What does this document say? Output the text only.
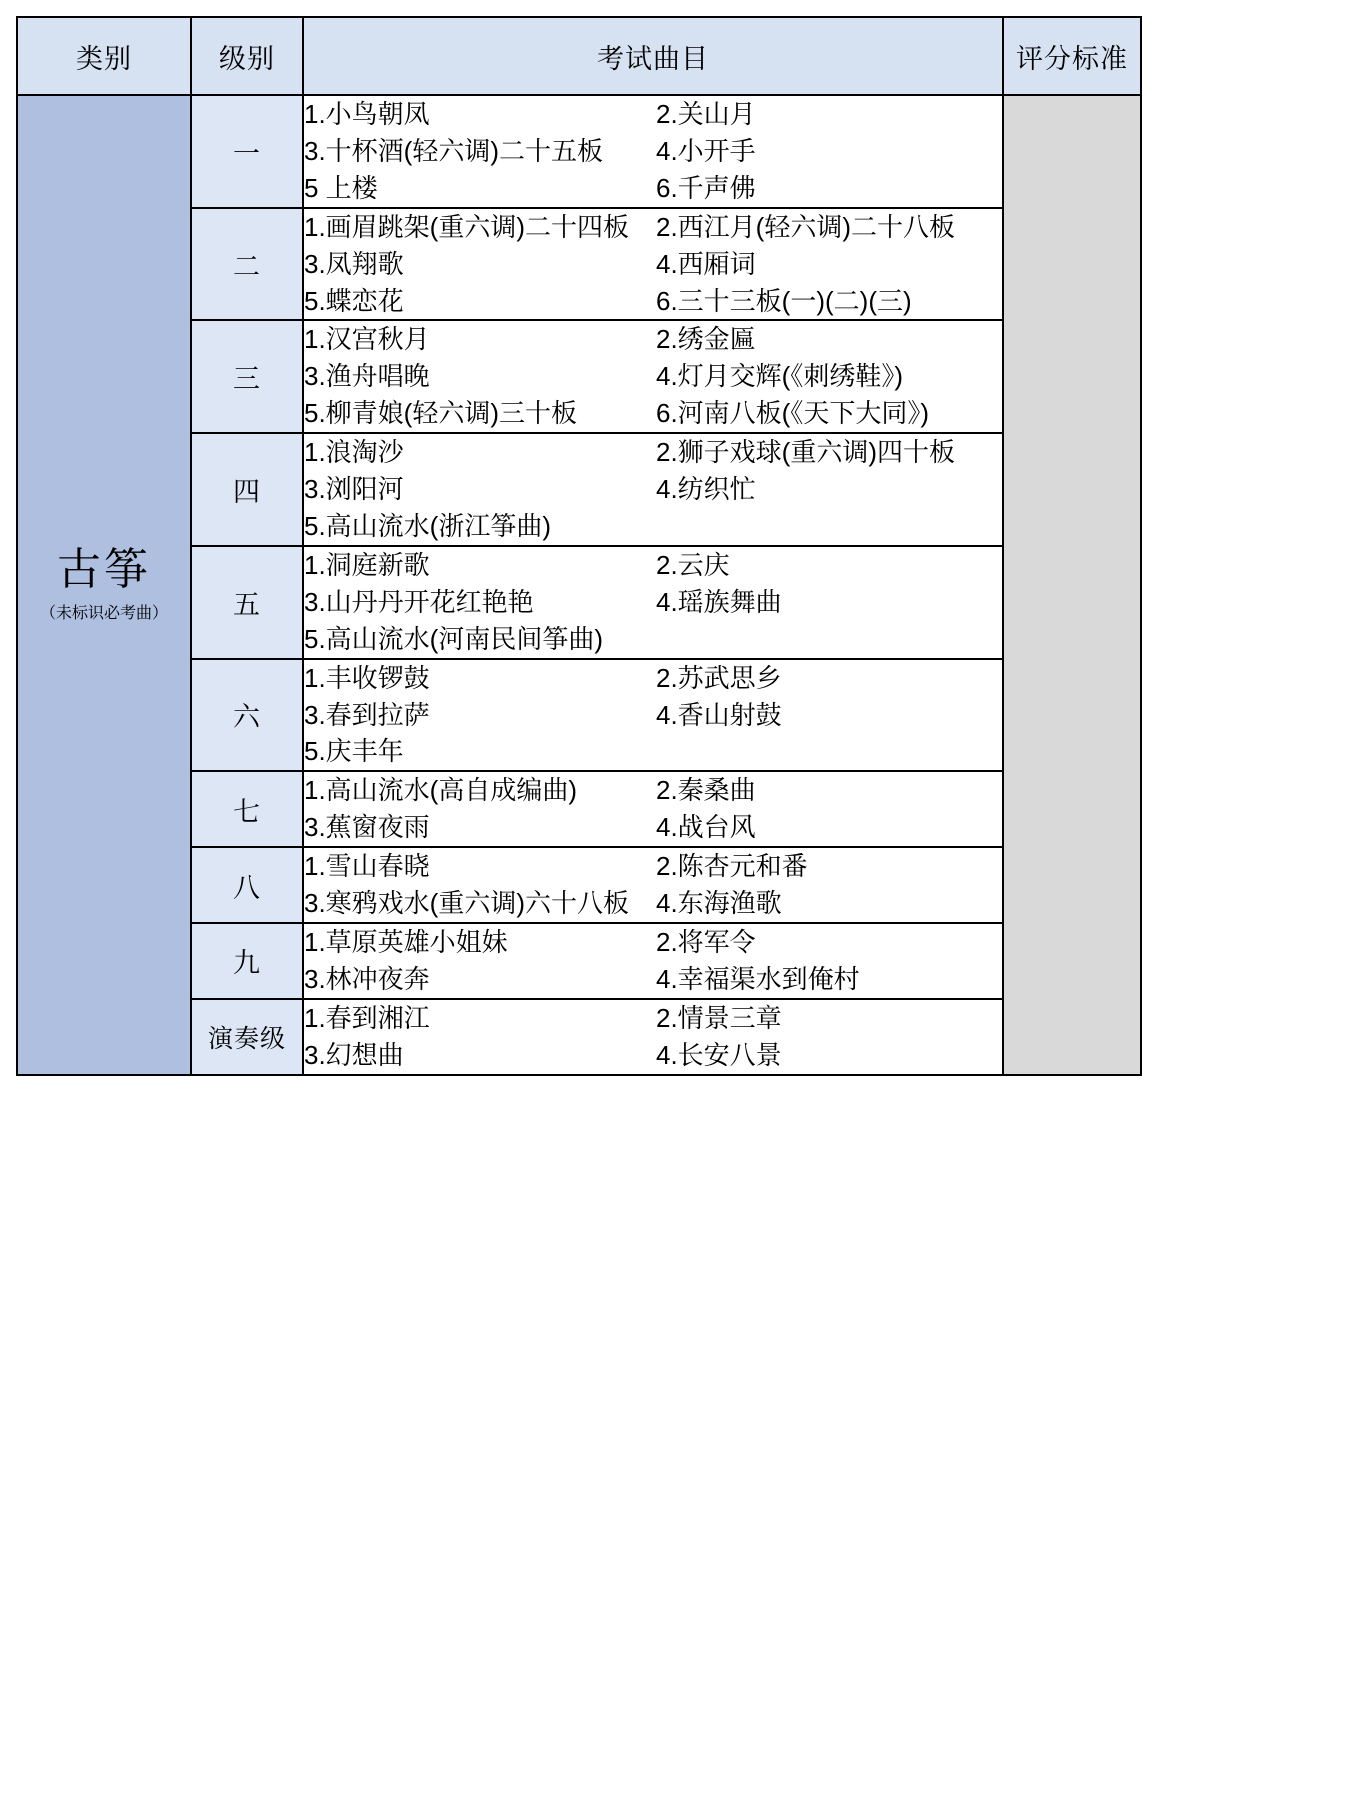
类别	级别	考试曲目	评分标准

古筝
（未标识必考曲）
	一	
1.小鸟朝凤	2.关山月
3.十杯酒(轻六调)二十五板	4.小开手
5 上楼	6.千声佛

二	
1.画眉跳架(重六调)二十四板	2.西江月(轻六调)二十八板
3.凤翔歌	4.西厢词
5.蝶恋花	6.三十三板(一)(二)(三)

三	
1.汉宫秋月	2.绣金匾
3.渔舟唱晚	4.灯月交辉(《刺绣鞋》)
5.柳青娘(轻六调)三十板	6.河南八板(《天下大同》)

	四	1.浪淘沙 2.狮子戏球(重六调)四十板
3.浏阳河 4.纺织忙
5.高山流水(浙江筝曲)	

	五	1.洞庭新歌 2.云庆
3.山丹丹开花红艳艳 4.瑶族舞曲
5.高山流水(河南民间筝曲)	

	六	1.丰收锣鼓 2.苏武思乡
3.春到拉萨 4.香山射鼓
5.庆丰年	

	七	1.高山流水(高自成编曲) 2.秦桑曲
3.蕉窗夜雨 4.战台风	

	八	1.雪山春晓 2.陈杏元和番
3.寒鸦戏水(重六调)六十八板 4.东海渔歌	

	九	1.草原英雄小姐妹 2.将军令
3.林冲夜奔 4.幸福渠水到俺村	

	演奏级	1.春到湘江 2.情景三章
3.幻想曲 4.长安八景	
